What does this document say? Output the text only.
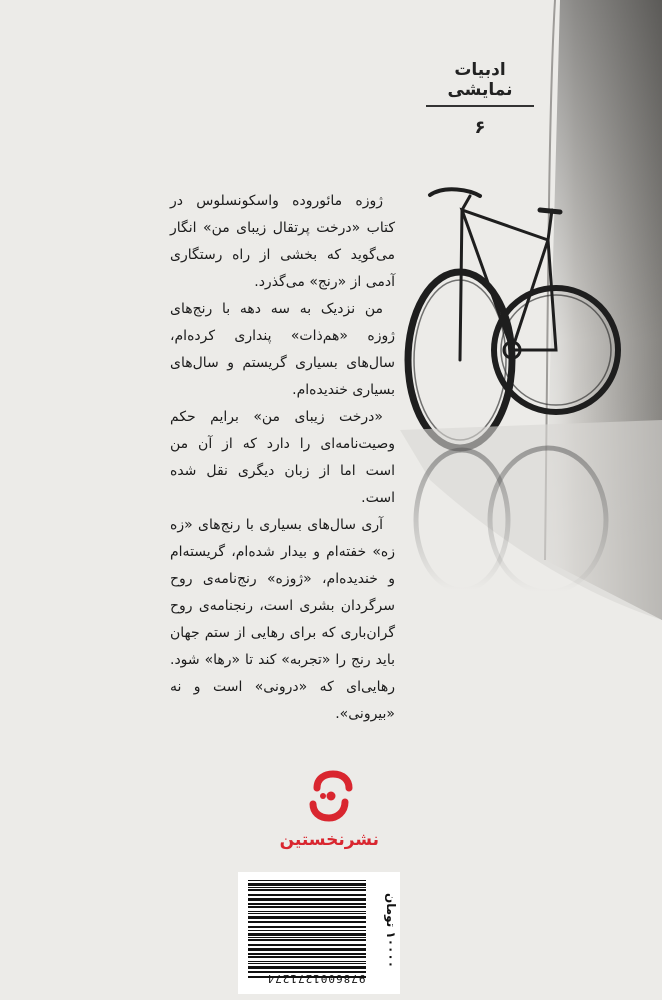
ادبیات نمایشی
۶

ژوزه مائوروده واسکونسلوس در کتاب «درخت پرتقال زیبای من» انگار می‌گوید که بخشی از راه رستگاری آدمی از «رنج» می‌گذرد.

من نزدیک به سه دهه با رنج‌های ژوزه «هم‌ذات» پنداری کرده‌ام، سال‌های بسیاری گریستم و سال‌های بسیاری خندیده‌ام.

«درخت زیبای من» برایم حکم وصیت‌نامه‌ای را دارد که از آن من است اما از زبان دیگری نقل شده است.

آری سال‌های بسیاری با رنج‌های «زه زه» خفته‌ام و بیدار شده‌ام، گریسته‌ام و خندیده‌ام، «ژوزه» رنج‌نامه‌ی روح سرگردان بشری است، رنجنامه‌ی روح گران‌باری که برای رهایی از ستم جهان باید رنج را «تجربه» کند تا «رها» شود. رهایی‌ای که «درونی» است و نه «بیرونی».

نشرنخستین
۱۰۰۰۰ تومان
9786001271274
